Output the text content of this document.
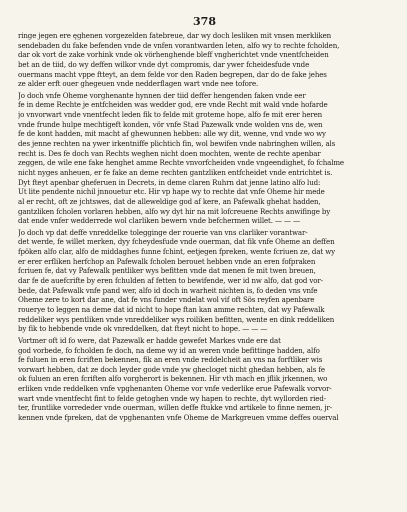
378
ringe jegen ere ęghenen vorgezelden fatebreue, dar wy doch lesliken mit vnsen merkliken
sendebaden du fake befenden vnde de vnfen vorantwarden leten, alfo wy to rechte fcholden,
dar ok vort de zake vorhink vnde ok vörhenghende bleff vngherichtet vnde vnentfcheiden
bet an de tiid, do wy deffen wilkor vnde dyt compromis, dar ywer fcheidesfude vnde
ouermans macht vppe ftteyt, an dem felde vor den Raden begrepen, dar do de fake jehes
ze alder erft ouer ghegeuen vnde nedderflagen wart vnde nee tofore.
Jo doch vnfe Oheme vorghenante hynnen der tiid deffer hengenden faken vnde eer
fe in deme Rechte je entfcheiden was wedder god, ere vnde Recht mit wald vnde hofarde
jo vnvorwart vnde vnentfecht leden fik to felde mit groteme hope, alfo fe mit erer heren
vnde frunde hulpe mechtigeft konden, vör vnfe Stad Pazewalk vnde wolden vns de, wen
fe de kont hadden, mit macht af ghewunnen hebben: alle wy dit, wenne, vnd vnde wo wy
des jenne rechten na ywer irkentniffe plichtich fin, wol bewifen vnde nabringhen willen, als
recht is. Des fe doch van Rechts weghen nicht doen mochten, wente de rechte apenbar
zeggen, de wile ene fake henghet amme Rechte vnvorfcheiden vnde vngeendighet, fo fchalme
nicht nyges anheuen, er fe fake an deme rechten gantzliken entfcheidet vnde entrichtet is.
Dyt fteyt apenbar gheferuen in Decrets, in deme claren Ruhrn dat jenne latino alfo lud:
Ut lite pendente nichil jnnouetur etc. Hir vp hape wy to rechte dat vnfe Oheme hir mede
al er recht, oft ze jchtswes, dat de alleweldige god af kere, an Pafewalk ghehat hadden,
gantzliken fcholen vorlaren hebben, alfo wy dyt hir na mit lofcreuene Rechts anwifinge by
dat ende vnfer wedderrede wol clarliken bewern vnde befchermen willet. — — —
Jo doch vp dat deffe vnreddelke tolegginge der rouerie van vns clarliker vorantwar-
det werde, fe willet merken, dyy fcheydesfude vnde ouerman, dat fik vnfe Oheme an deffen
fpöken alfo clar, alfo de middaghes funne fchint, eetjegen fpreken, wente fcriuen ze, dat wy
er erer erfliken herfchop an Pafewalk fcholen berouet hebben vnde an eren fofpraken
fcriuen fe, dat vy Pafewalk pentliker wys befitten vnde dat menen fe mit twen breuen,
dar fe de auefcrifte by eren fchulden af fetten to bewifende, wer id nw alfo, dat god vor-
bede, dat Pafewalk vnfe pand wer, alfo id doch in warheit nichten is, fo deden vns vnfe
Oheme zere to kort dar ane, dat fe vns funder vndelat wol vif oft Sös reyfen apenbare
rouerye to leggen na deme dat id nicht to hope ftan kan amme rechten, dat wy Pafewalk
reddeliker wys pentliken vnde vnreddeliker wys roiliken befitten, wente en dink reddeliken
by fik to hebbende vnde ok vnreddelken, dat fteyt nicht to hope. — — —
Vortmer oft id fo were, dat Pazewalk er hadde gewefet Markes vnde ere dat
god vorbede, fo fcholden fe doch, na deme wy id an weren vnde befittinge hadden, alfo
fe fuluen in eren fcriften bekennen, fik an eren vnde reddelcheit an vns na forftliker wis
vorwart hebben, dat ze doch leyder gode vnde yw ghecloget nicht ghedan hebben, als fe
ok fuluen an eren fcriften alfo vorgherort is bekennen. Hir vth mach en jflik jrkennen, wo
erliken vnde reddelken vnfe vpghenanten Oheme vor vnfe vederlike erue Pafewalk vorvor-
wart vnde vnentfecht fint to felde getoghen vnde wy hapen to rechte, dyt wyllorden ried-
ter, fruntlike vorrededer vnde ouerman, willen deffe ftukke vnd artikele to finne nemen, jr-
kennen vnde fpreken, dat de vpghenanten vnfe Oheme de Markgreuen vmme deffes ouerval
